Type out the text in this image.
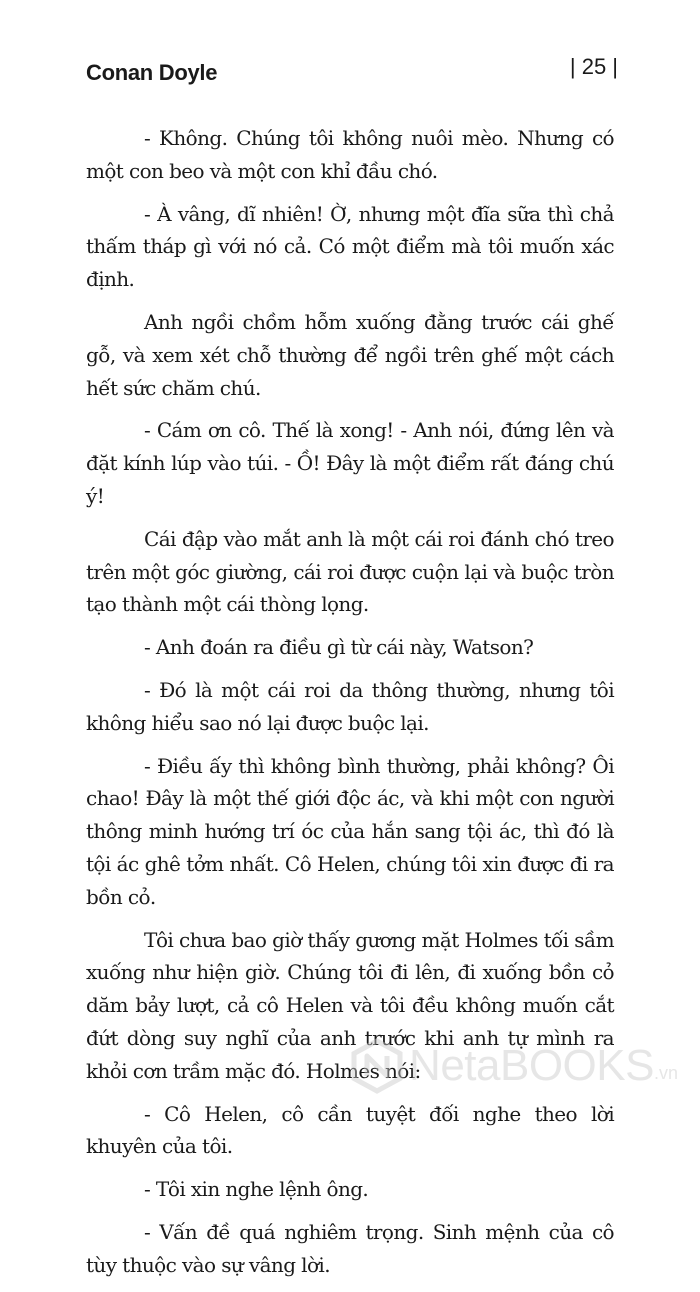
Conan Doyle	| 25 |

- Không. Chúng tôi không nuôi mèo. Nhưng có một con beo và một con khỉ đầu chó.

- À vâng, dĩ nhiên! Ờ, nhưng một đĩa sữa thì chả thấm tháp gì với nó cả. Có một điểm mà tôi muốn xác định.

Anh ngồi chồm hỗm xuống đằng trước cái ghế gỗ, và xem xét chỗ thường để ngồi trên ghế một cách hết sức chăm chú.

- Cám ơn cô. Thế là xong! - Anh nói, đứng lên và đặt kính lúp vào túi. - Ồ! Đây là một điểm rất đáng chú ý!

Cái đập vào mắt anh là một cái roi đánh chó treo trên một góc giường, cái roi được cuộn lại và buộc tròn tạo thành một cái thòng lọng.

- Anh đoán ra điều gì từ cái này, Watson?

- Đó là một cái roi da thông thường, nhưng tôi không hiểu sao nó lại được buộc lại.

- Điều ấy thì không bình thường, phải không? Ôi chao! Đây là một thế giới độc ác, và khi một con người thông minh hướng trí óc của hắn sang tội ác, thì đó là tội ác ghê tởm nhất. Cô Helen, chúng tôi xin được đi ra bồn cỏ.

Tôi chưa bao giờ thấy gương mặt Holmes tối sầm xuống như hiện giờ. Chúng tôi đi lên, đi xuống bồn cỏ dăm bảy lượt, cả cô Helen và tôi đều không muốn cắt đứt dòng suy nghĩ của anh trước khi anh tự mình ra khỏi cơn trầm mặc đó. Holmes nói:

- Cô Helen, cô cần tuyệt đối nghe theo lời khuyên của tôi.

- Tôi xin nghe lệnh ông.

- Vấn đề quá nghiêm trọng. Sinh mệnh của cô tùy thuộc vào sự vâng lời.

NetaBOOKS .vn
